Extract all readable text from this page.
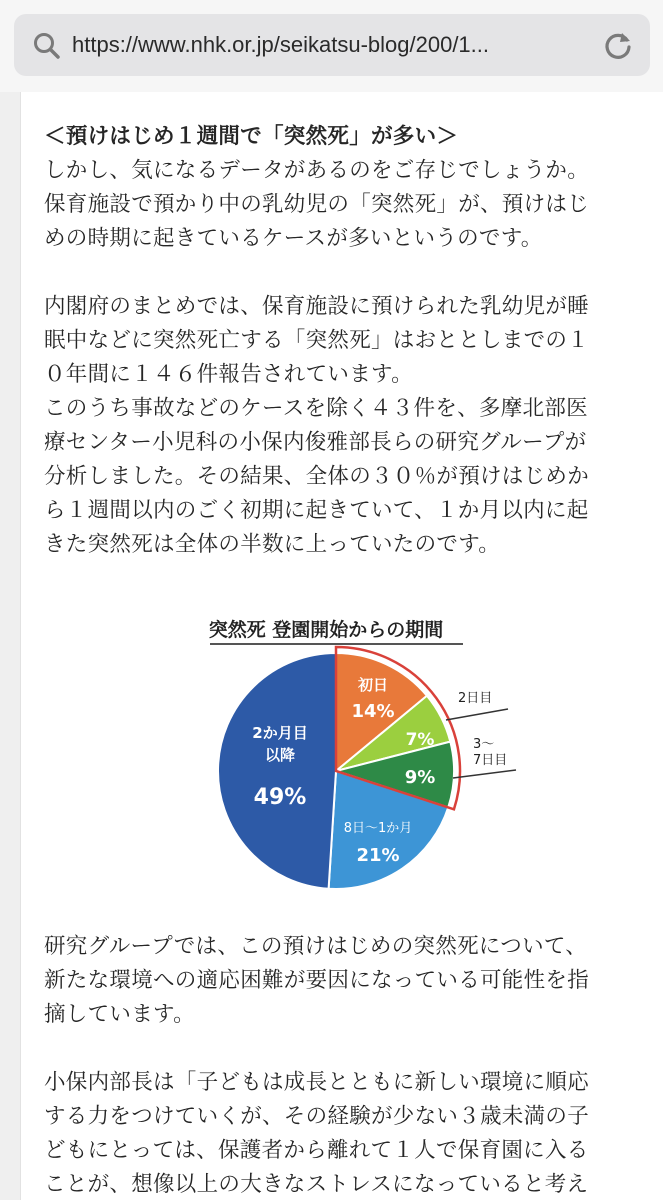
https://www.nhk.or.jp/seikatsu-blog/200/1...

＜預けはじめ１週間で「突然死」が多い＞

しかし、気になるデータがあるのをご存じでしょうか。
保育施設で預かり中の乳幼児の「突然死」が、預けはじ
めの時期に起きているケースが多いというのです。

内閣府のまとめでは、保育施設に預けられた乳幼児が睡
眠中などに突然死亡する「突然死」はおととしまでの１
０年間に１４６件報告されています。
このうち事故などのケースを除く４３件を、多摩北部医
療センター小児科の小保内俊雅部長らの研究グループが
分析しました。その結果、全体の３０％が預けはじめか
ら１週間以内のごく初期に起きていて、１か月以内に起
きた突然死は全体の半数に上っていたのです。

突然死 登園開始からの期間
初日
14%
7%
9%
8日〜1か月
21%
2か月目
以降
49%
2日目
3〜
7日目

研究グループでは、この預けはじめの突然死について、
新たな環境への適応困難が要因になっている可能性を指
摘しています。

小保内部長は「子どもは成長とともに新しい環境に順応
する力をつけていくが、その経験が少ない３歳未満の子
どもにとっては、保護者から離れて１人で保育園に入る
ことが、想像以上の大きなストレスになっていると考え
